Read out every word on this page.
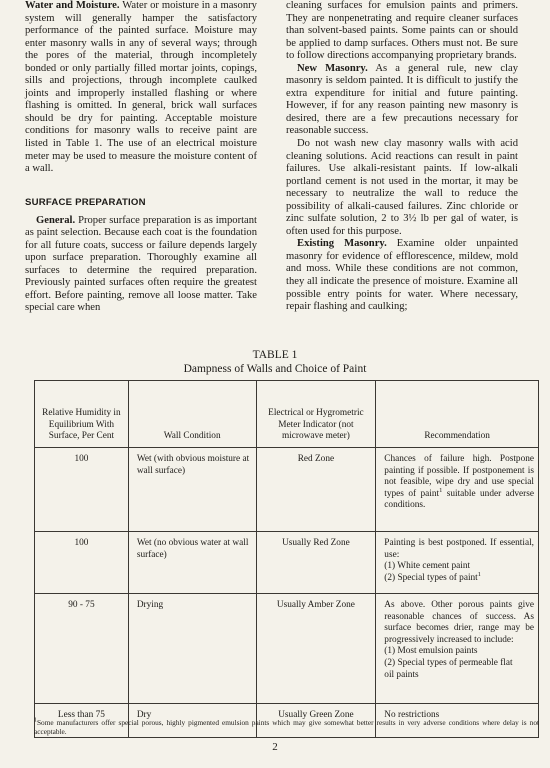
Water and Moisture. Water or moisture in a masonry system will generally hamper the satisfactory performance of the painted surface. Moisture may enter masonry walls in any of several ways; through the pores of the material, through incompletely bonded or only partially filled mortar joints, copings, sills and projections, through incomplete caulked joints and improperly installed flashing or where flashing is omitted. In general, brick wall surfaces should be dry for painting. Acceptable moisture conditions for masonry walls to receive paint are listed in Table 1. The use of an electrical moisture meter may be used to measure the moisture content of a wall.

SURFACE PREPARATION

General. Proper surface preparation is as important as paint selection. Because each coat is the foundation for all future coats, success or failure depends largely upon surface preparation. Thoroughly examine all surfaces to determine the required preparation. Previously painted surfaces often require the greatest effort. Before painting, remove all loose matter. Take special care when

cleaning surfaces for emulsion paints and primers. They are nonpenetrating and require cleaner surfaces than solvent-based paints. Some paints can or should be applied to damp surfaces. Others must not. Be sure to follow directions accompanying proprietary brands.

New Masonry. As a general rule, new clay masonry is seldom painted. It is difficult to justify the extra expenditure for initial and future painting. However, if for any reason painting new masonry is desired, there are a few precautions necessary for reasonable success.

Do not wash new clay masonry walls with acid cleaning solutions. Acid reactions can result in paint failures. Use alkali-resistant paints. If low-alkali portland cement is not used in the mortar, it may be necessary to neutralize the wall to reduce the possibility of alkali-caused failures. Zinc chloride or zinc sulfate solution, 2 to 3½ lb per gal of water, is often used for this purpose.

Existing Masonry. Examine older unpainted masonry for evidence of efflorescence, mildew, mold and moss. While these conditions are not common, they all indicate the presence of moisture. Examine all possible entry points for water. Where necessary, repair flashing and caulking;

TABLE 1
Dampness of Walls and Choice of Paint
Relative Humidity in Equilibrium With Surface, Per Cent	Wall Condition	Electrical or Hygrometric Meter Indicator (not microwave meter)	Recommendation
100	Wet (with obvious moisture at wall surface)	Red Zone	Chances of failure high. Postpone painting if possible. If postponement is not feasible, wipe dry and use special types of paint$^1$ suitable under adverse conditions.
100	Wet (no obvious water at wall surface)	Usually Red Zone	Painting is best postponed. If essential, use:
(1) White cement paint
(2) Special types of paint$^1$

90 - 75	Drying	Usually Amber Zone	As above. Other porous paints give reasonable chances of success. As surface becomes drier, range may be progressively increased to include:
(1) Most emulsion paints
(2) Special types of permeable flat
oil paints

Less than 75	Dry	Usually Green Zone	No restrictions
$^1$Some manufacturers offer special porous, highly pigmented emulsion paints which may give somewhat better results in very adverse conditions where delay is not acceptable.
2
